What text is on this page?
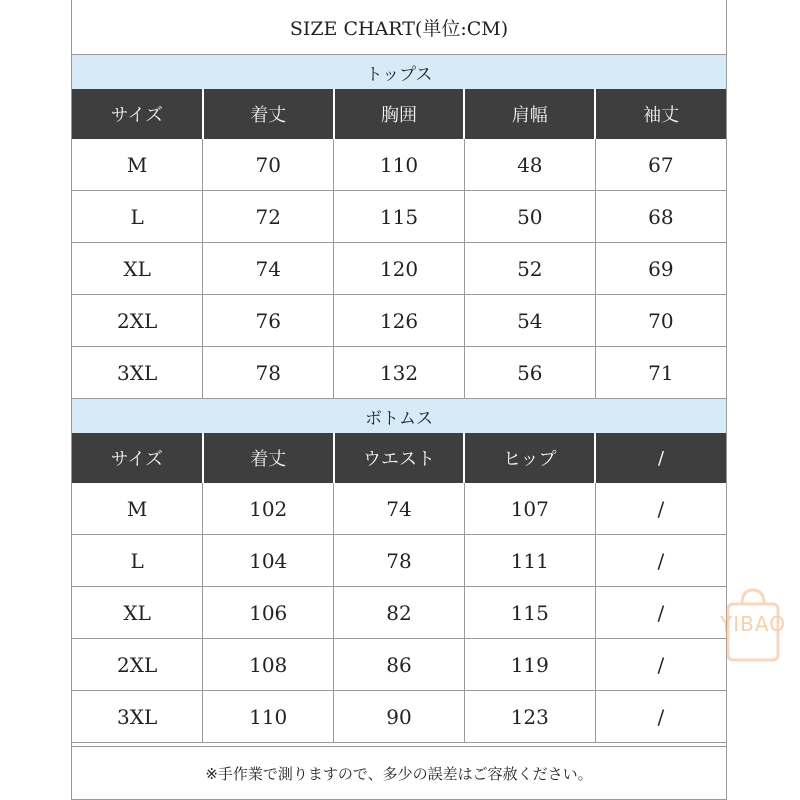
SIZE CHART(単位:CM)
トップス
サイズ	着丈	胸囲	肩幅	袖丈
M	70	110	48	67
L	72	115	50	68
XL	74	120	52	69
2XL	76	126	54	70
3XL	78	132	56	71
ボトムス
サイズ	着丈	ウエスト	ヒップ	/
M	102	74	107	/
L	104	78	111	/
XL	106	82	115	/
2XL	108	86	119	/
3XL	110	90	123	/
※手作業で測りますので、多少の誤差はご容赦ください。
YIBAO
